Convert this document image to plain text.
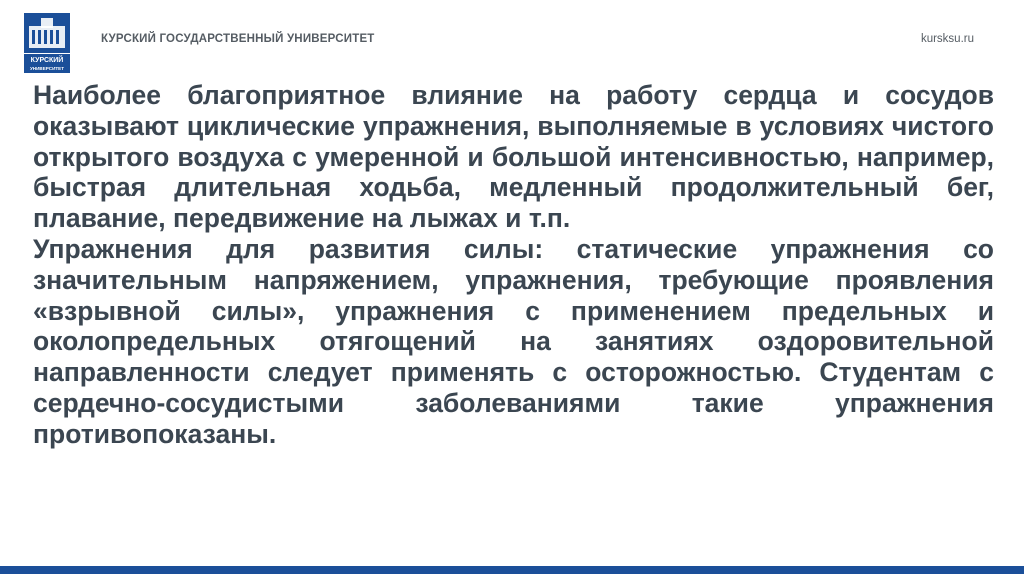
КУРСКИЙ
УНИВЕРСИТЕТ
КУРСКИЙ ГОСУДАРСТВЕННЫЙ УНИВЕРСИТЕТ	kursksu.ru

Наиболее благоприятное влияние на работу сердца и сосудов оказывают циклические упражнения, выполняемые в условиях чистого открытого воздуха с умеренной и большой интенсивностью, например, быстрая длительная ходьба, медленный продолжительный бег, плавание, передвижение на лыжах и т.п.

Упражнения для развития силы: статические упражнения со значительным напряжением, упражнения, требующие проявления «взрывной силы», упражнения с применением предельных и околопредельных отягощений на занятиях оздоровительной направленности следует применять с осторожностью. Студентам с сердечно-сосудистыми заболеваниями такие упражнения противопоказаны.
